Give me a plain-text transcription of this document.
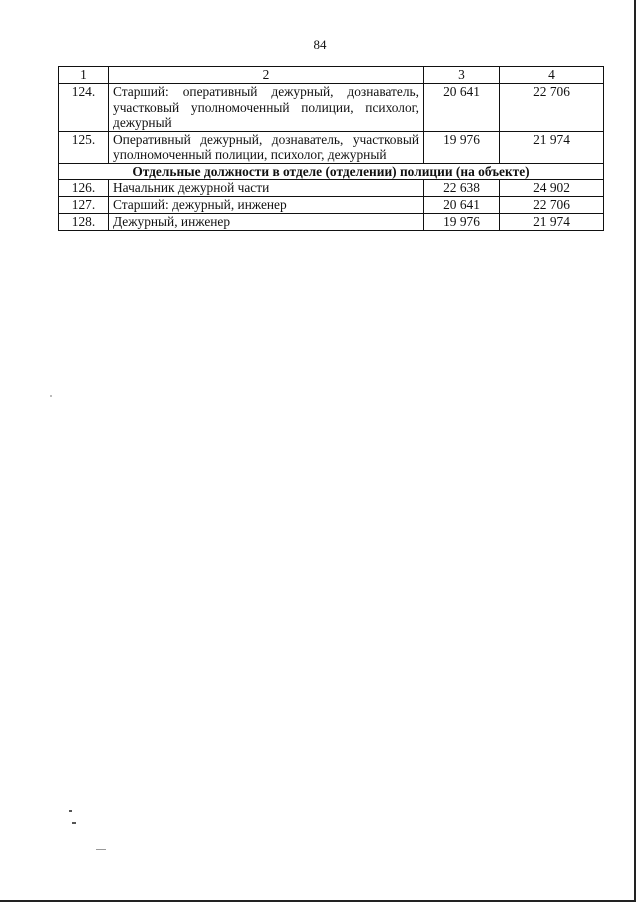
84
1	2	3	4
124.	Старший: оперативный дежурный, дознаватель, участковый уполномоченный полиции, психолог, дежурный	20 641	22 706
125.	Оперативный дежурный, дознаватель, участковый уполномоченный полиции, психолог, дежурный	19 976	21 974
Отдельные должности в отделе (отделении) полиции (на объекте)			
126.	Начальник дежурной части	22 638	24 902
127.	Старший: дежурный, инженер	20 641	22 706
128.	Дежурный, инженер	19 976	21 974
